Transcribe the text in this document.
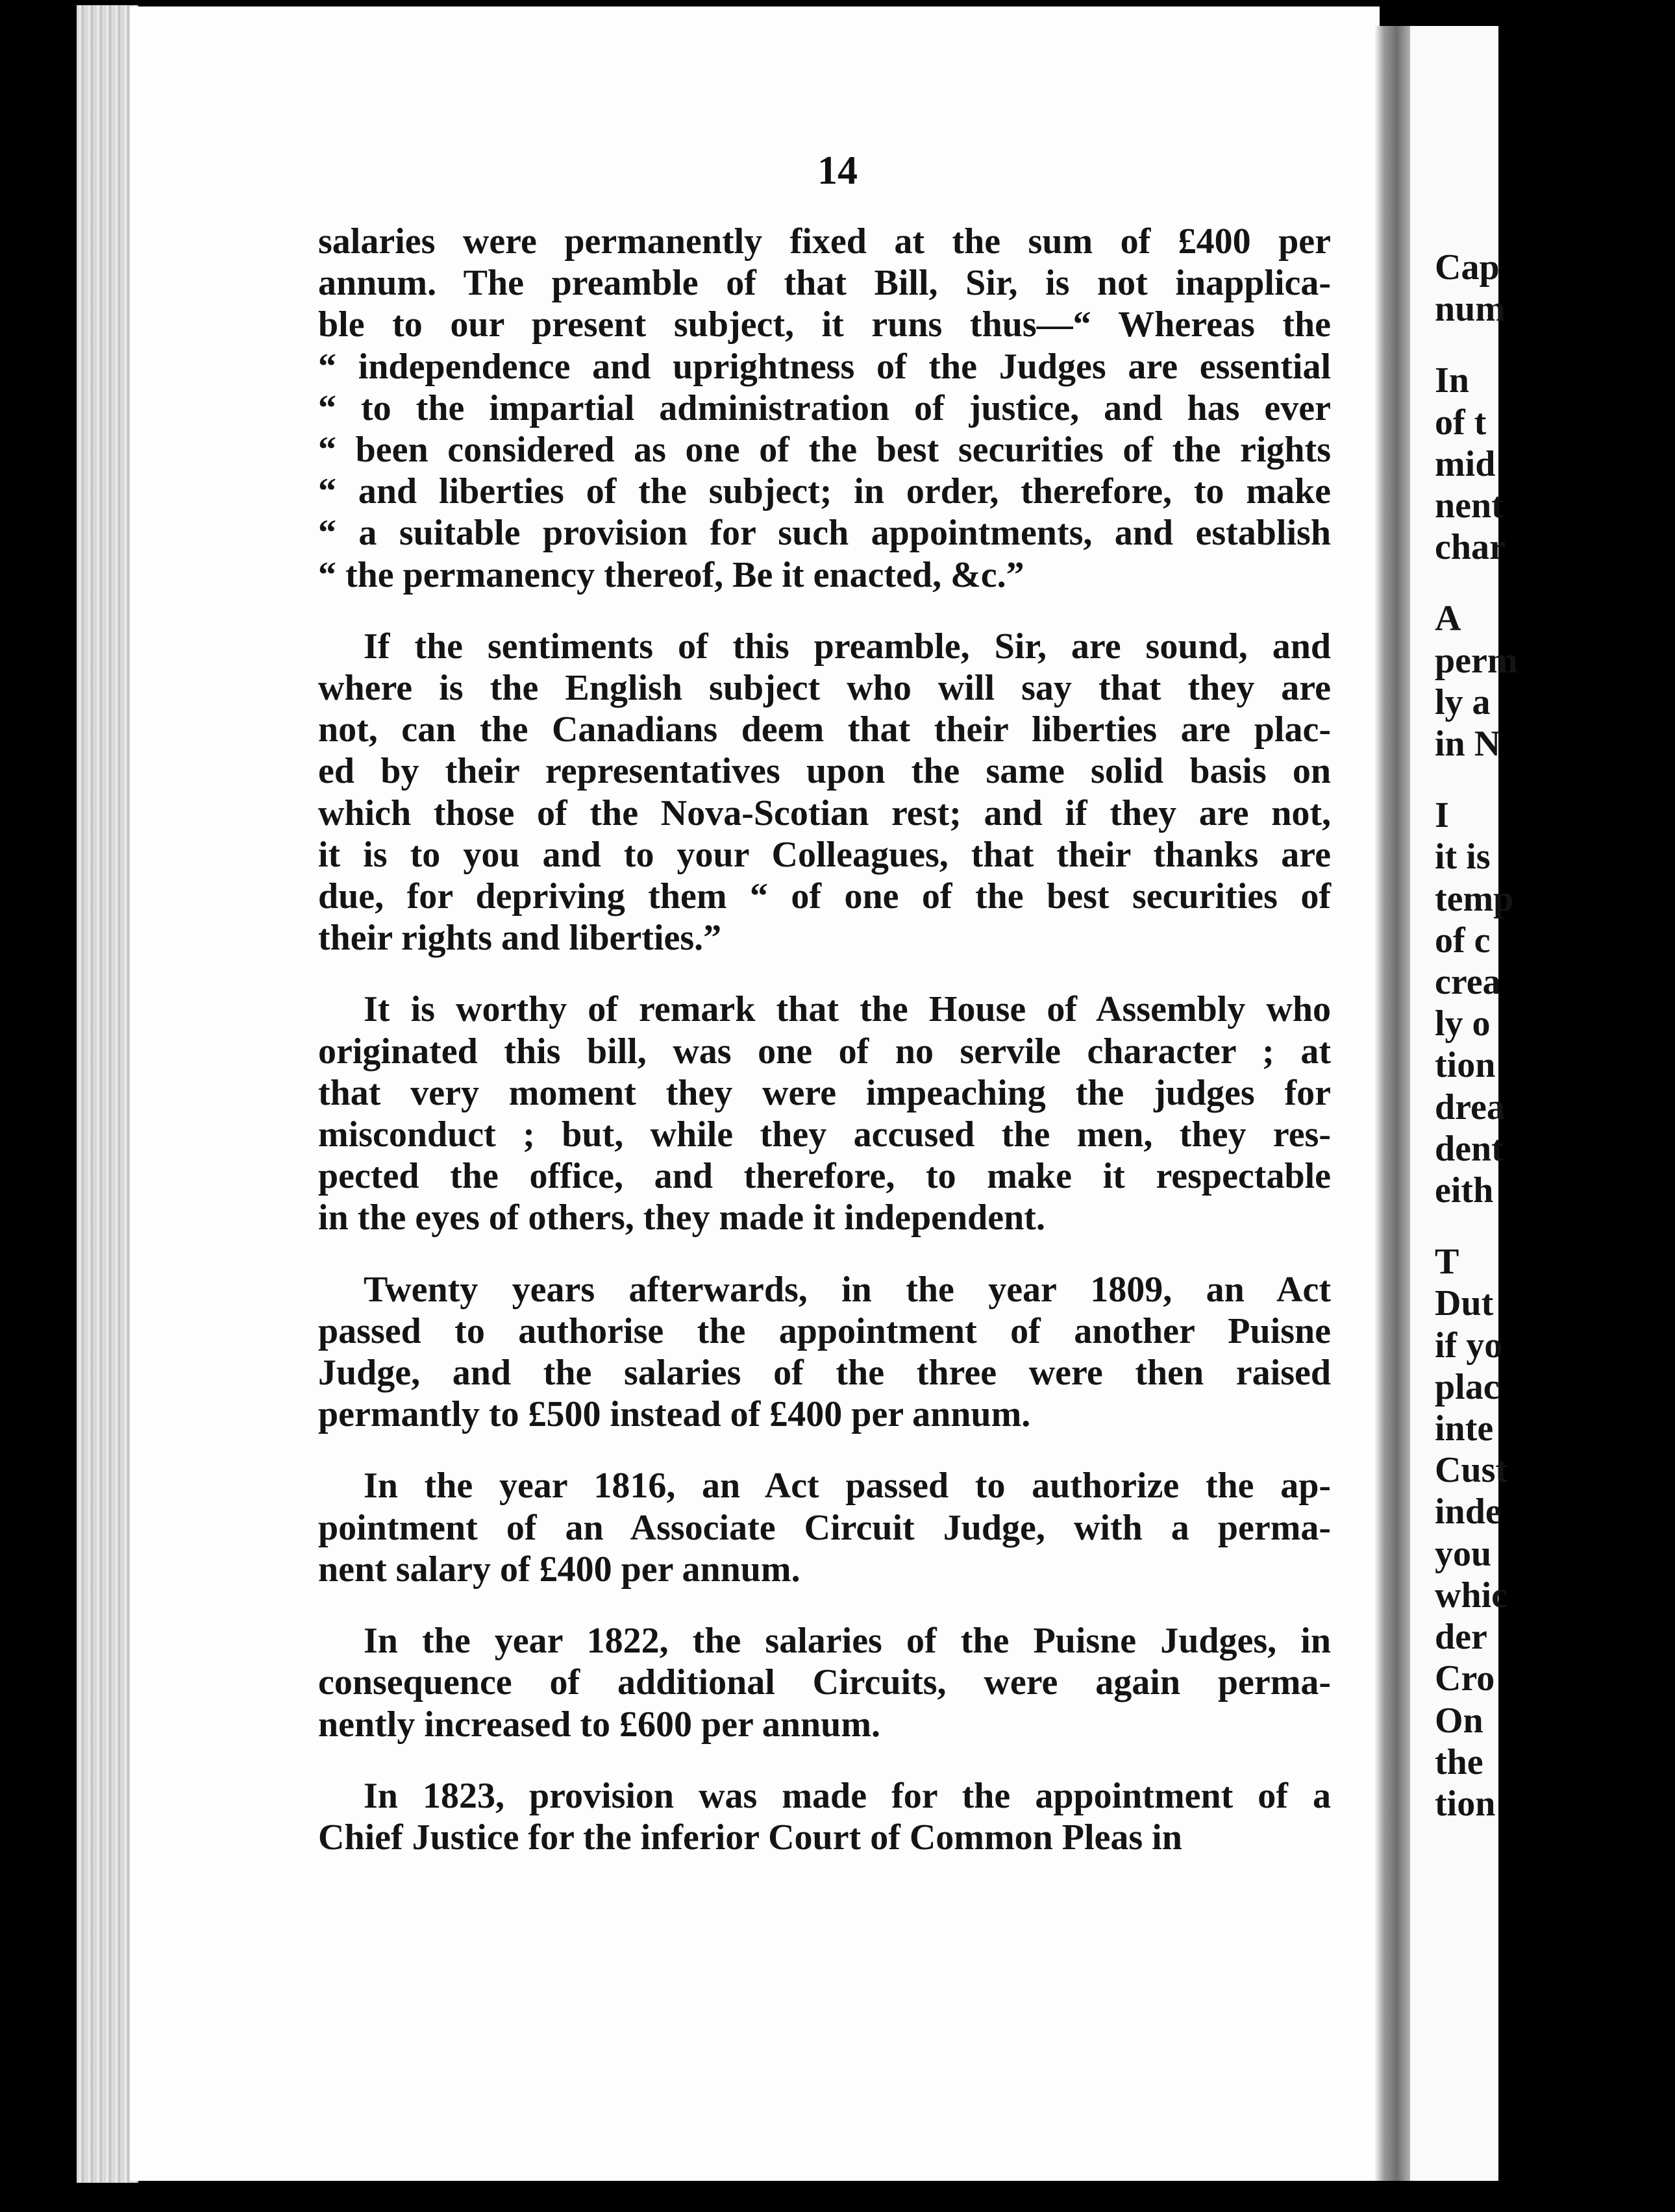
Cap
num
In
of t
mid
nent
char
A
perm
ly a
in N
I
it is
temp
of c
crea
ly o
tion
drea
dent
eith
T
Dut
if yo
plac
inte
Cust
inde
you
whic
der
Cro
On
the
tion
14
salaries were permanently fixed at the sum of £400 per
annum. The preamble of that Bill, Sir, is not inapplica-
ble to our present subject, it runs thus—“ Whereas the
“ independence and uprightness of the Judges are essential
“ to the impartial administration of justice, and has ever
“ been considered as one of the best securities of the rights
“ and liberties of the subject; in order, therefore, to make
“ a suitable provision for such appointments, and establish
“ the permanency thereof, Be it enacted, &c.”
If the sentiments of this preamble, Sir, are sound, and
where is the English subject who will say that they are
not, can the Canadians deem that their liberties are plac-
ed by their representatives upon the same solid basis on
which those of the Nova-Scotian rest; and if they are not,
it is to you and to your Colleagues, that their thanks are
due, for depriving them “ of one of the best securities of
their rights and liberties.”
It is worthy of remark that the House of Assembly who
originated this bill, was one of no servile character ; at
that very moment they were impeaching the judges for
misconduct ; but, while they accused the men, they res-
pected the office, and therefore, to make it respectable
in the eyes of others, they made it independent.
Twenty years afterwards, in the year 1809, an Act
passed to authorise the appointment of another Puisne
Judge, and the salaries of the three were then raised
permantly to £500 instead of £400 per annum.
In the year 1816, an Act passed to authorize the ap-
pointment of an Associate Circuit Judge, with a perma-
nent salary of £400 per annum.
In the year 1822, the salaries of the Puisne Judges, in
consequence of additional Circuits, were again perma-
nently increased to £600 per annum.
In 1823, provision was made for the appointment of a
Chief Justice for the inferior Court of Common Pleas in
